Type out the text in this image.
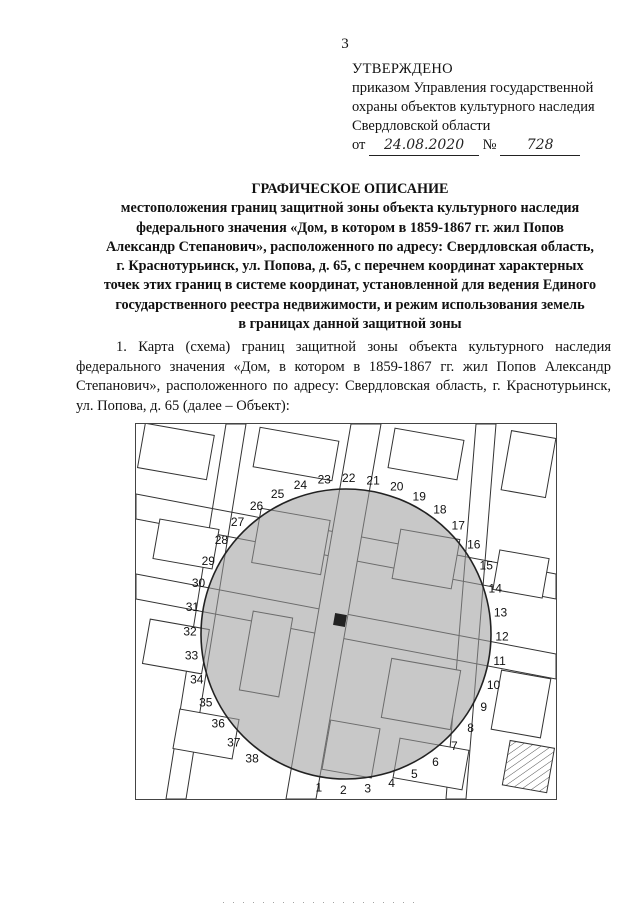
3
УТВЕРЖДЕНО
приказом Управления государственной
охраны объектов культурного наследия
Свердловской области
от 24.08.2020 № 728
ГРАФИЧЕСКОЕ ОПИСАНИЕ
местоположения границ защитной зоны объекта культурного наследия
федерального значения «Дом, в котором в 1859-1867 гг. жил Попов
Александр Степанович», расположенного по адресу: Свердловская область,
г. Краснотурьинск, ул. Попова, д. 65, с перечнем координат характерных
точек этих границ в системе координат, установленной для ведения Единого
государственного реестра недвижимости, и режим использования земель
в границах данной защитной зоны

1. Карта (схема) границ защитной зоны объекта культурного наследия федерального значения «Дом, в котором в 1859-1867 гг. жил Попов Александр Степанович», расположенного по адресу: Свердловская область, г. Краснотурьинск, ул. Попова, д. 65 (далее – Объект):

1 2 3 4
5
6
7
8
9
10
11
12
13
14
15
16
17
18
19
20
21
22
23
24
25
26
27
28
29
30
31
32
33
34
35
36
37
38
. . . . . . . . . . . . . . . . . . . .
